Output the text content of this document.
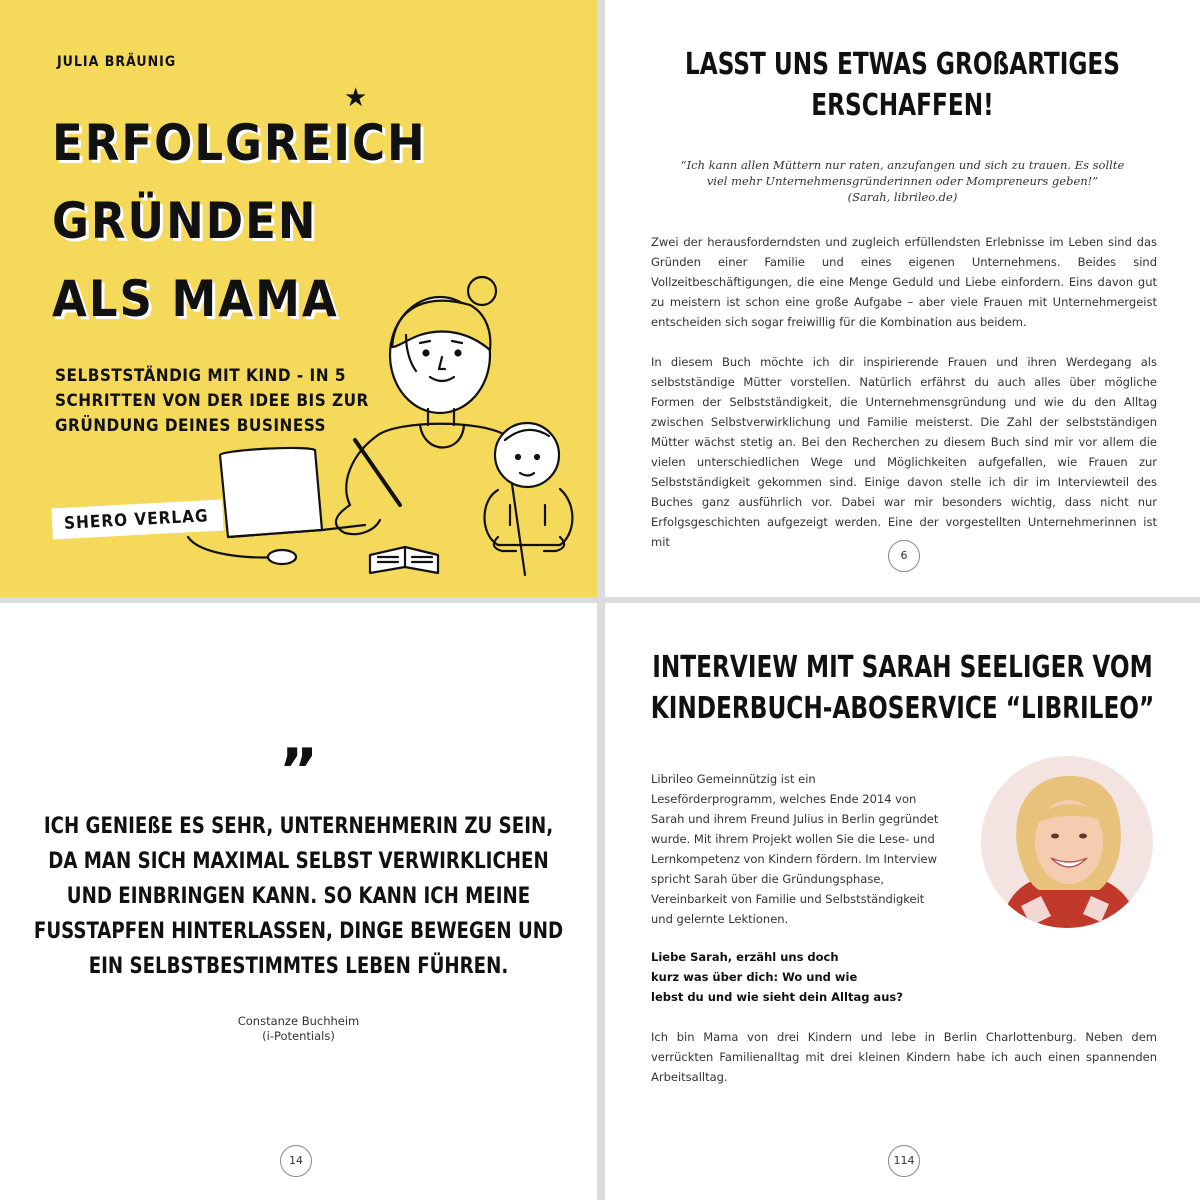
JULIA BRÄUNIG
★
ERFOLGREICH
GRÜNDEN
ALS MAMA
SELBSTSTÄNDIG MIT KIND - IN 5
SCHRITTEN VON DER IDEE BIS ZUR
GRÜNDUNG DEINES BUSINESS
SHERO VERLAG
LASST UNS ETWAS GROßARTIGES
ERSCHAFFEN!
“Ich kann allen Müttern nur raten, anzufangen und sich zu trauen. Es sollte
viel mehr Unternehmensgründerinnen oder Mompreneurs geben!”
(Sarah, librileo.de)

Zwei der herausforderndsten und zugleich erfüllendsten Erlebnisse im Leben sind das Gründen einer Familie und eines eigenen Unternehmens. Beides sind Vollzeitbeschäftigungen, die eine Menge Geduld und Liebe einfordern. Eins davon gut zu meistern ist schon eine große Aufgabe – aber viele Frauen mit Unternehmergeist entscheiden sich sogar freiwillig für die Kombination aus beidem.

In diesem Buch möchte ich dir inspirierende Frauen und ihren Werdegang als selbstständige Mütter vorstellen. Natürlich erfährst du auch alles über mögliche Formen der Selbstständigkeit, die Unternehmensgründung und wie du den Alltag zwischen Selbstverwirklichung und Familie meisterst. Die Zahl der selbstständigen Mütter wächst stetig an. Bei den Recherchen zu diesem Buch sind mir vor allem die vielen unterschiedlichen Wege und Möglichkeiten aufgefallen, wie Frauen zur Selbstständigkeit gekommen sind. Einige davon stelle ich dir im Interviewteil des Buches ganz ausführlich vor. Dabei war mir besonders wichtig, dass nicht nur Erfolgsgeschichten aufgezeigt werden. Eine der vorgestellten Unternehmerinnen ist mit

6
”
ICH GENIEßE ES SEHR, UNTERNEHMERIN ZU SEIN,
DA MAN SICH MAXIMAL SELBST VERWIRKLICHEN
UND EINBRINGEN KANN. SO KANN ICH MEINE
FUSSTAPFEN HINTERLASSEN, DINGE BEWEGEN UND
EIN SELBSTBESTIMMTES LEBEN FÜHREN.
Constanze Buchheim
(i-Potentials)
14
INTERVIEW MIT SARAH SEELIGER VOM
KINDERBUCH-ABOSERVICE “LIBRILEO”

Librileo Gemeinnützig ist ein Leseförderprogramm, welches Ende 2014 von Sarah und ihrem Freund Julius in Berlin gegründet wurde. Mit ihrem Projekt wollen Sie die Lese- und Lernkompetenz von Kindern fördern. Im Interview spricht Sarah über die Gründungsphase, Vereinbarkeit von Familie und Selbstständigkeit und gelernte Lektionen.

Liebe Sarah, erzähl uns doch
kurz was über dich: Wo und wie
lebst du und wie sieht dein Alltag aus?

Ich bin Mama von drei Kindern und lebe in Berlin Charlottenburg. Neben dem verrückten Familienalltag mit drei kleinen Kindern habe ich auch einen spannenden Arbeitsalltag.

114
